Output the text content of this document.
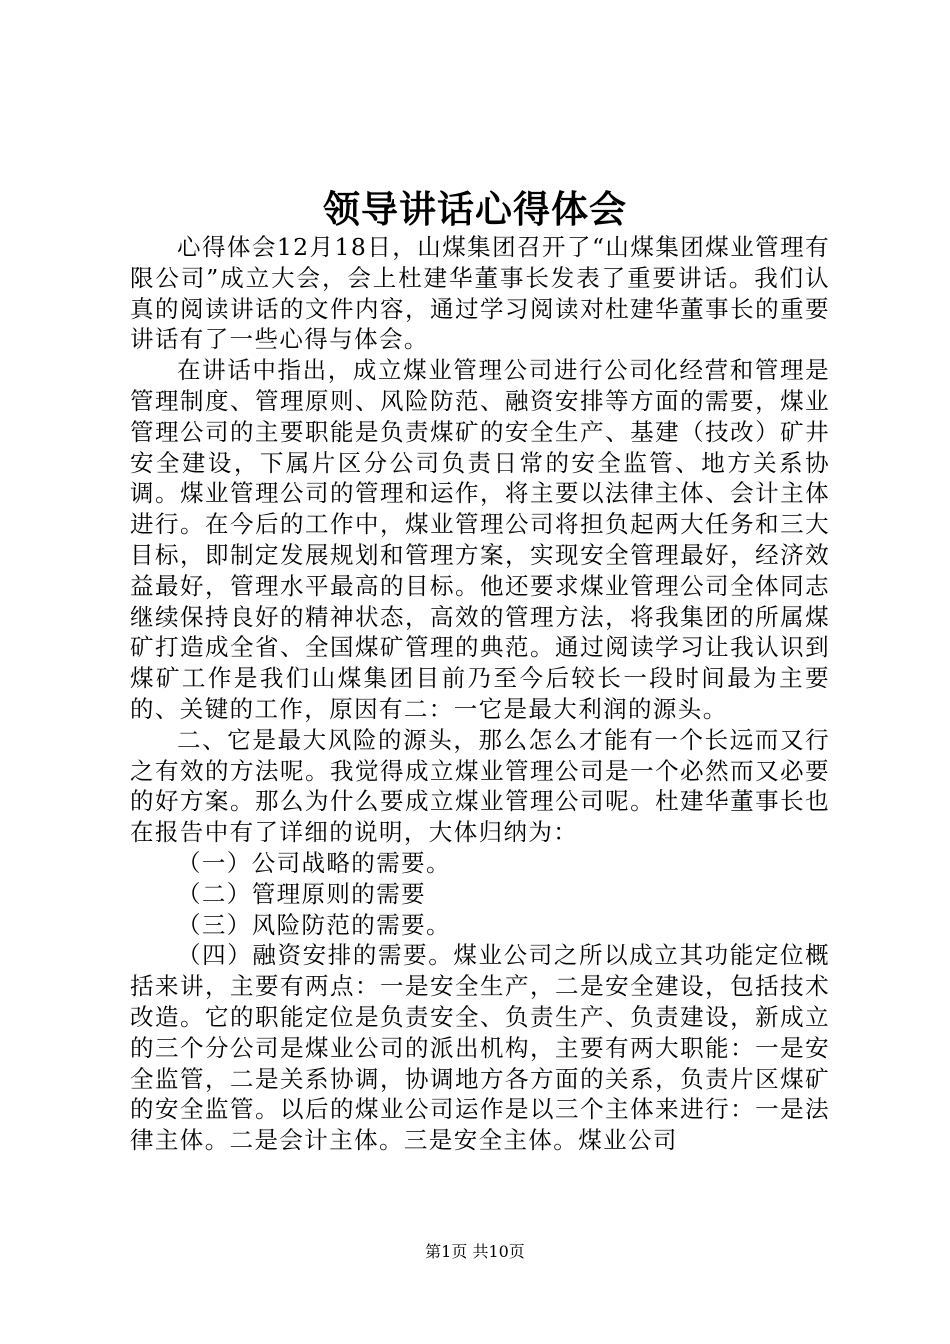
领导讲话心得体会

心得体会12月18日，山煤集团召开了“山煤集团煤业管理有限公司”成立大会，会上杜建华董事长发表了重要讲话。我们认真的阅读讲话的文件内容，通过学习阅读对杜建华董事长的重要讲话有了一些心得与体会。

在讲话中指出，成立煤业管理公司进行公司化经营和管理是管理制度、管理原则、风险防范、融资安排等方面的需要，煤业管理公司的主要职能是负责煤矿的安全生产、基建（技改）矿井安全建设，下属片区分公司负责日常的安全监管、地方关系协调。煤业管理公司的管理和运作，将主要以法律主体、会计主体进行。在今后的工作中，煤业管理公司将担负起两大任务和三大目标，即制定发展规划和管理方案，实现安全管理最好，经济效益最好，管理水平最高的目标。他还要求煤业管理公司全体同志继续保持良好的精神状态，高效的管理方法，将我集团的所属煤矿打造成全省、全国煤矿管理的典范。通过阅读学习让我认识到煤矿工作是我们山煤集团目前乃至今后较长一段时间最为主要的、关键的工作，原因有二：一它是最大利润的源头。

二、它是最大风险的源头，那么怎么才能有一个长远而又行之有效的方法呢。我觉得成立煤业管理公司是一个必然而又必要的好方案。那么为什么要成立煤业管理公司呢。杜建华董事长也在报告中有了详细的说明，大体归纳为：

（一）公司战略的需要。

（二）管理原则的需要

（三）风险防范的需要。

（四）融资安排的需要。煤业公司之所以成立其功能定位概括来讲，主要有两点：一是安全生产，二是安全建设，包括技术改造。它的职能定位是负责安全、负责生产、负责建设，新成立的三个分公司是煤业公司的派出机构，主要有两大职能：一是安全监管，二是关系协调，协调地方各方面的关系，负责片区煤矿的安全监管。以后的煤业公司运作是以三个主体来进行：一是法律主体。二是会计主体。三是安全主体。煤业公司

第1页 共10页
